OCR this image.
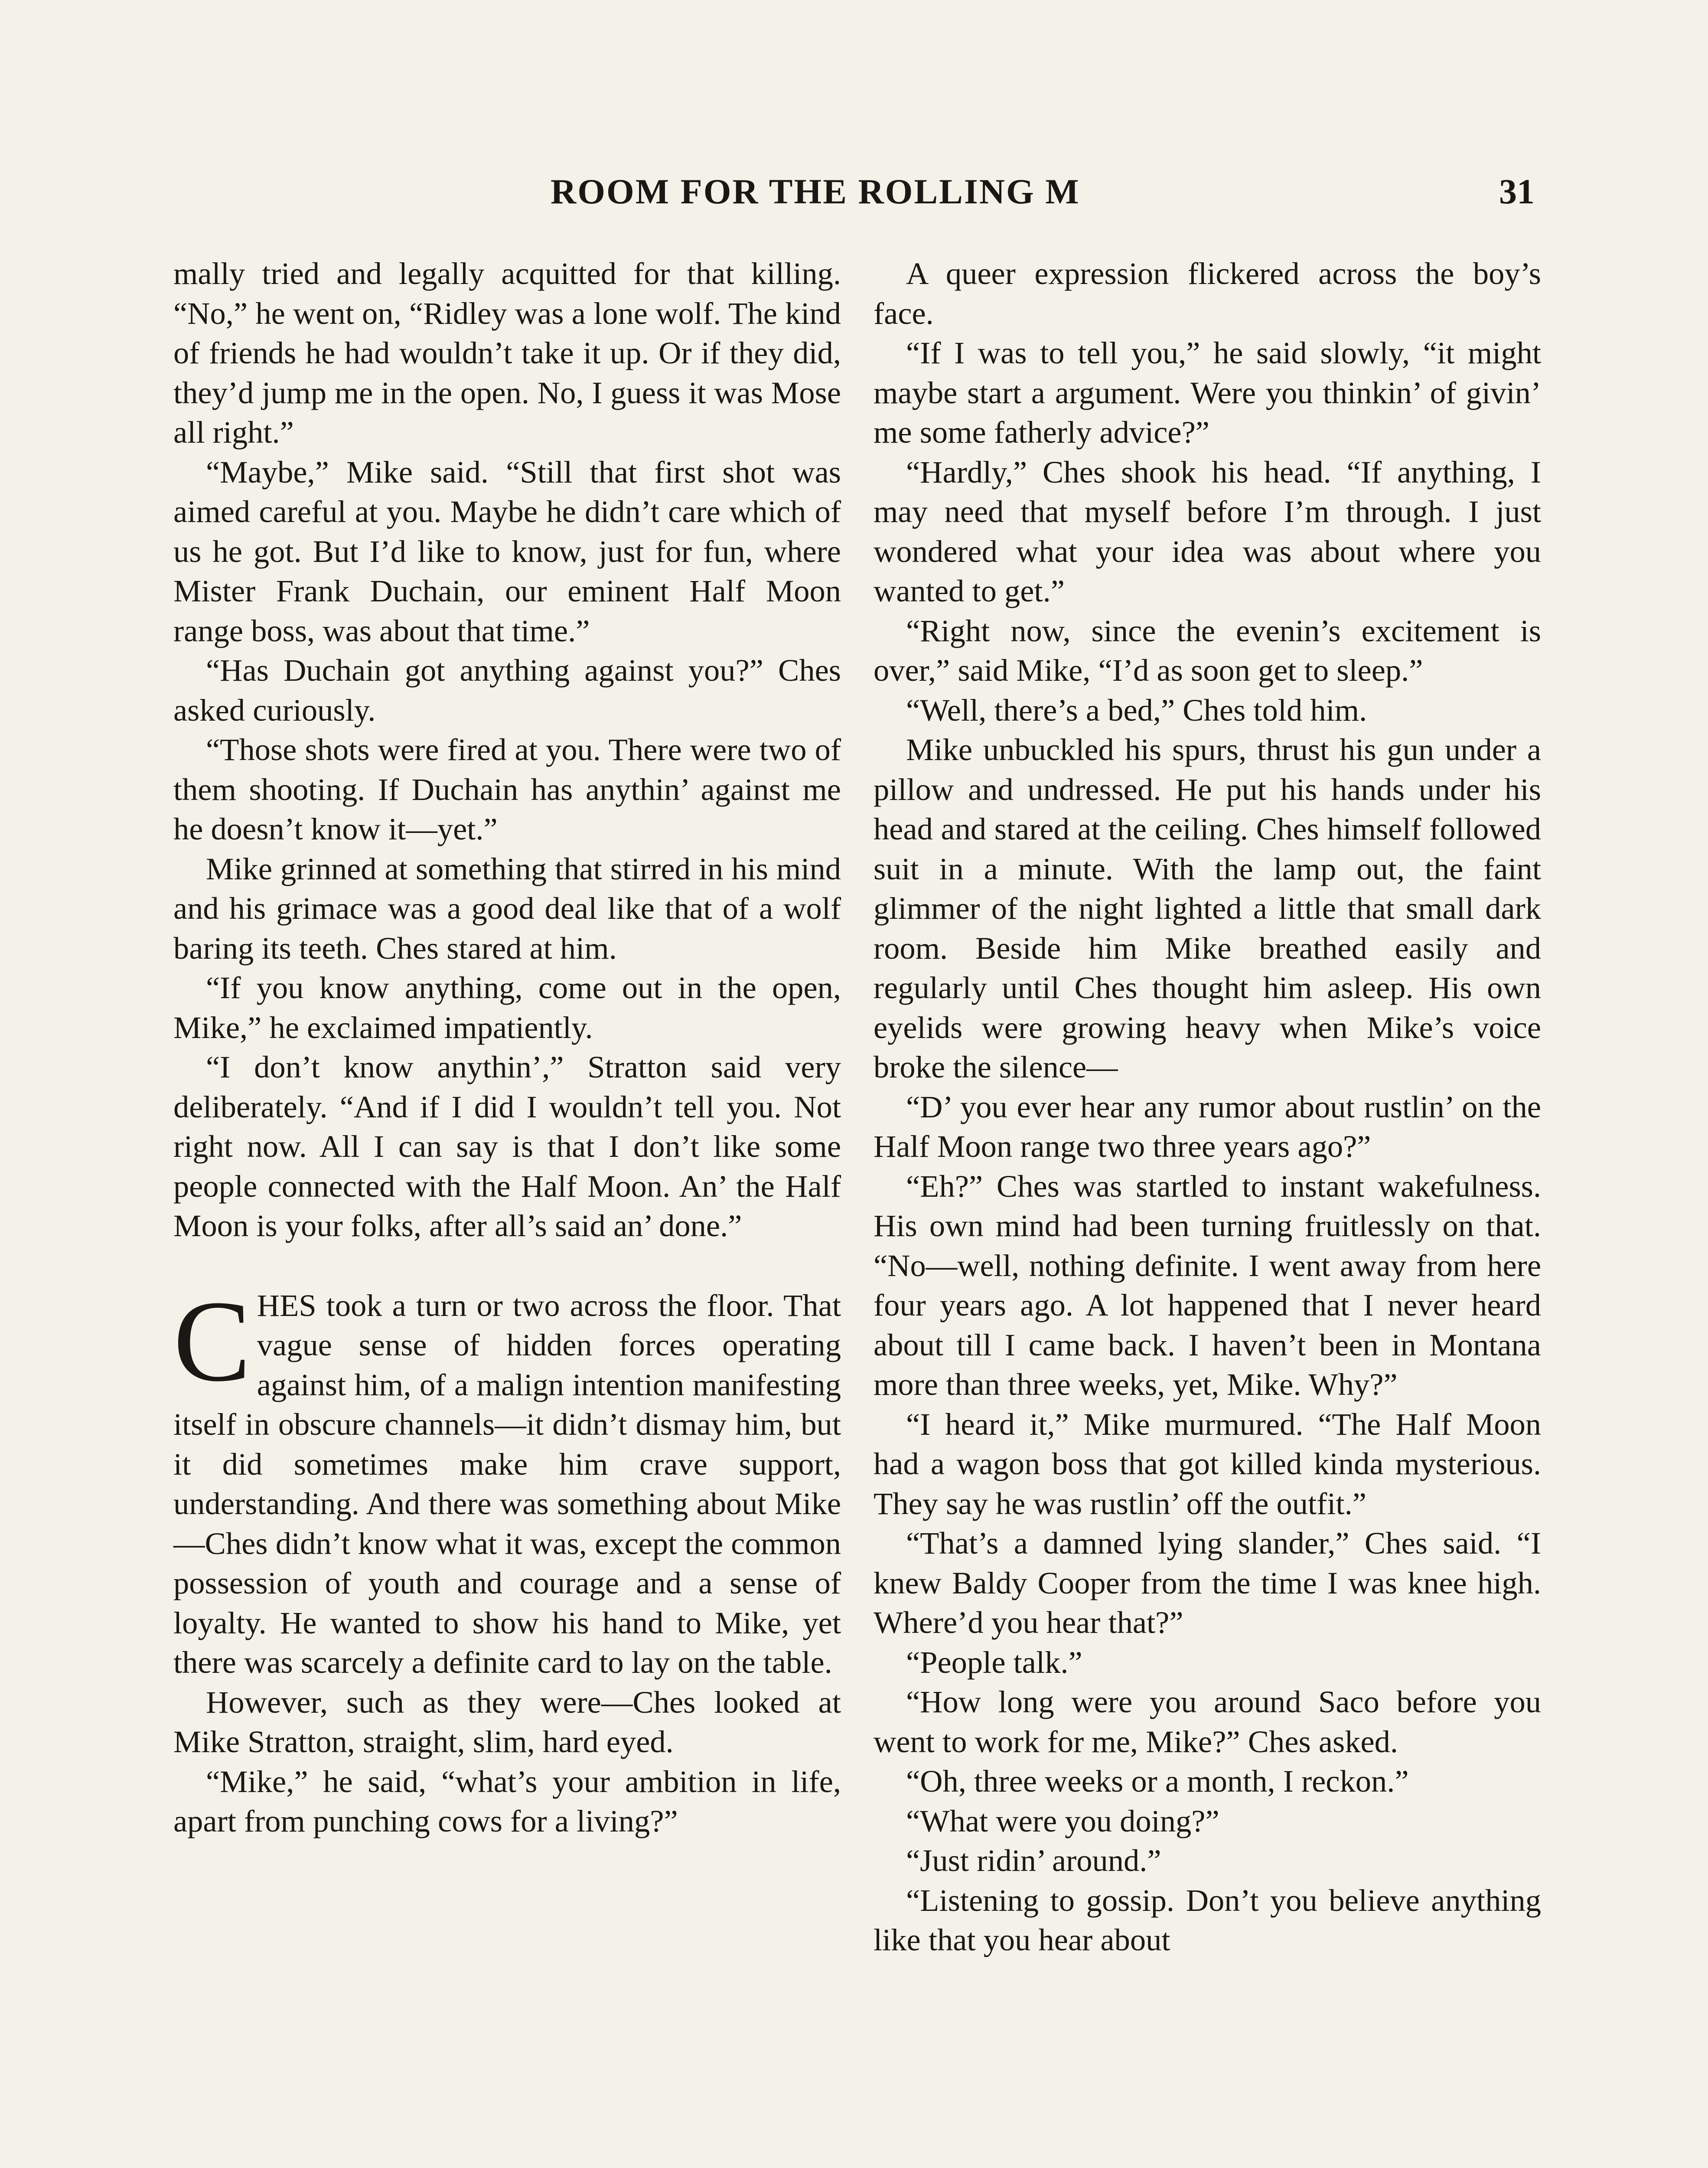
ROOM FOR THE ROLLING M	31

mally tried and legally acquitted for that killing. “No,” he went on, “Ridley was a lone wolf. The kind of friends he had wouldn’t take it up. Or if they did, they’d jump me in the open. No, I guess it was Mose all right.”

“Maybe,” Mike said. “Still that first shot was aimed careful at you. Maybe he didn’t care which of us he got. But I’d like to know, just for fun, where Mister Frank Duchain, our eminent Half Moon range boss, was about that time.”

“Has Duchain got anything against you?” Ches asked curiously.

“Those shots were fired at you. There were two of them shooting. If Duchain has anythin’ against me he doesn’t know it—yet.”

Mike grinned at something that stirred in his mind and his grimace was a good deal like that of a wolf baring its teeth. Ches stared at him.

“If you know anything, come out in the open, Mike,” he exclaimed impatiently.

“I don’t know anythin’,” Stratton said very deliberately. “And if I did I wouldn’t tell you. Not right now. All I can say is that I don’t like some people connected with the Half Moon. An’ the Half Moon is your folks, after all’s said an’ done.”

CHES took a turn or two across the floor. That vague sense of hidden forces operating against him, of a malign intention manifesting itself in obscure channels—it didn’t dismay him, but it did sometimes make him crave support, understanding. And there was something about Mike—Ches didn’t know what it was, except the common possession of youth and courage and a sense of loyalty. He wanted to show his hand to Mike, yet there was scarcely a definite card to lay on the table.

However, such as they were—Ches looked at Mike Stratton, straight, slim, hard eyed.

“Mike,” he said, “what’s your ambition in life, apart from punching cows for a living?”

A queer expression flickered across the boy’s face.

“If I was to tell you,” he said slowly, “it might maybe start a argument. Were you thinkin’ of givin’ me some fatherly advice?”

“Hardly,” Ches shook his head. “If anything, I may need that myself before I’m through. I just wondered what your idea was about where you wanted to get.”

“Right now, since the evenin’s excitement is over,” said Mike, “I’d as soon get to sleep.”

“Well, there’s a bed,” Ches told him.

Mike unbuckled his spurs, thrust his gun under a pillow and undressed. He put his hands under his head and stared at the ceiling. Ches himself followed suit in a minute. With the lamp out, the faint glimmer of the night lighted a little that small dark room. Beside him Mike breathed easily and regularly until Ches thought him asleep. His own eyelids were growing heavy when Mike’s voice broke the silence—

“D’ you ever hear any rumor about rustlin’ on the Half Moon range two three years ago?”

“Eh?” Ches was startled to instant wakefulness. His own mind had been turning fruitlessly on that. “No—well, nothing definite. I went away from here four years ago. A lot happened that I never heard about till I came back. I haven’t been in Montana more than three weeks, yet, Mike. Why?”

“I heard it,” Mike murmured. “The Half Moon had a wagon boss that got killed kinda mysterious. They say he was rustlin’ off the outfit.”

“That’s a damned lying slander,” Ches said. “I knew Baldy Cooper from the time I was knee high. Where’d you hear that?”

“People talk.”

“How long were you around Saco before you went to work for me, Mike?” Ches asked.

“Oh, three weeks or a month, I reckon.”

“What were you doing?”

“Just ridin’ around.”

“Listening to gossip. Don’t you believe anything like that you hear about
